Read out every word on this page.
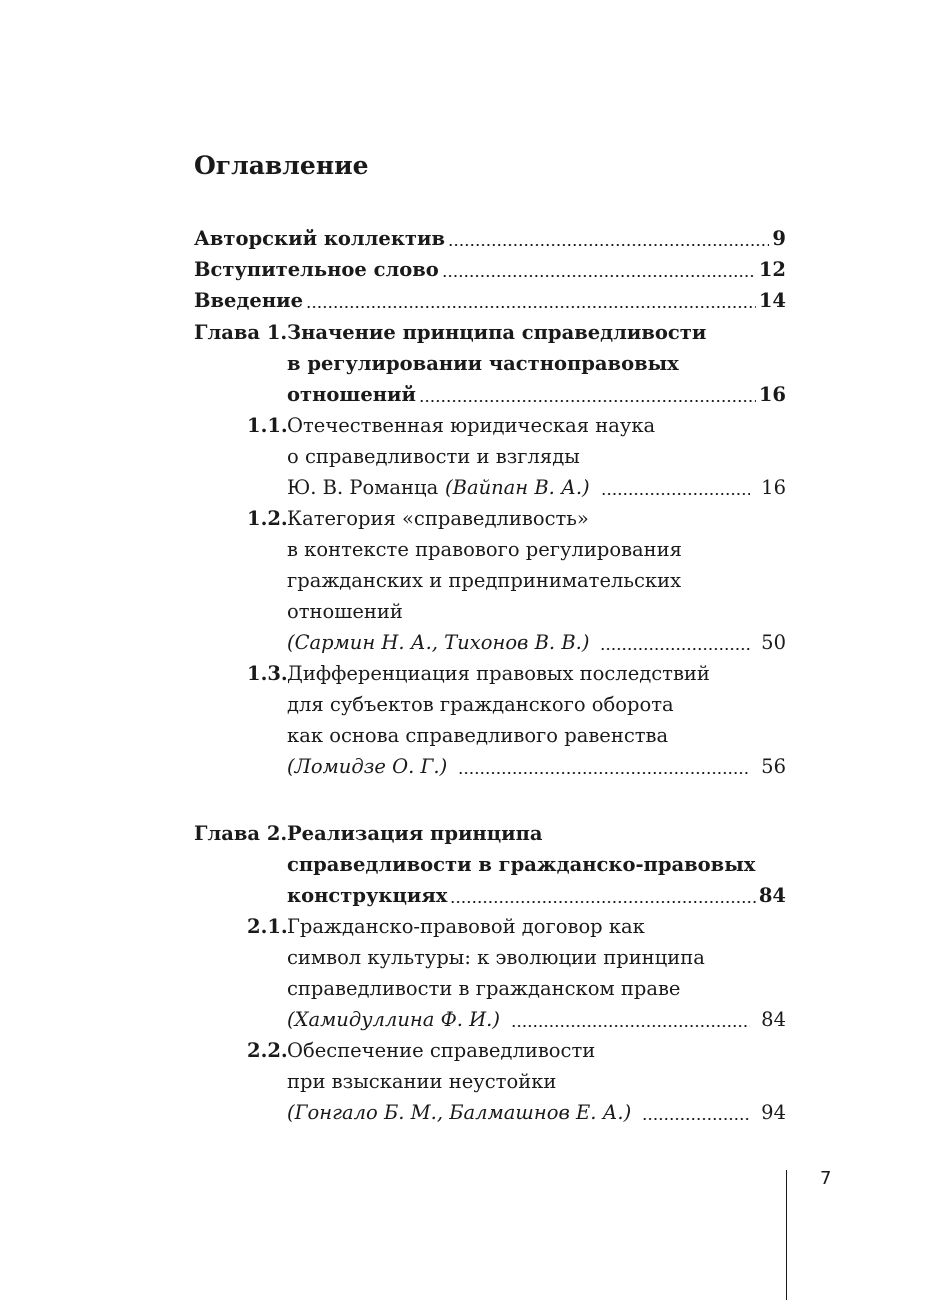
Оглавление
Авторский коллектив	9
Вступительное слово	12
Введение	14
Глава 1. Значение принципа справедливости
в регулировании частноправовых
отношений	16
1.1. Отечественная юридическая наука
о справедливости и взгляды
Ю. В. Романца (Вайпан В. А.)	16
1.2. Категория «справедливость»
в контексте правового регулирования
гражданских и предпринимательских
отношений
(Сармин Н. А., Тихонов В. В.)	50
1.3. Дифференциация правовых последствий
для субъектов гражданского оборота
как основа справедливого равенства
(Ломидзе О. Г.)	56
Глава 2. Реализация принципа
справедливости в гражданско-правовых
конструкциях	84
2.1. Гражданско-правовой договор как
символ культуры: к эволюции принципа
справедливости в гражданском праве
(Хамидуллина Ф. И.)	84
2.2. Обеспечение справедливости
при взыскании неустойки
(Гонгало Б. М., Балмашнов Е. А.)	94
7
